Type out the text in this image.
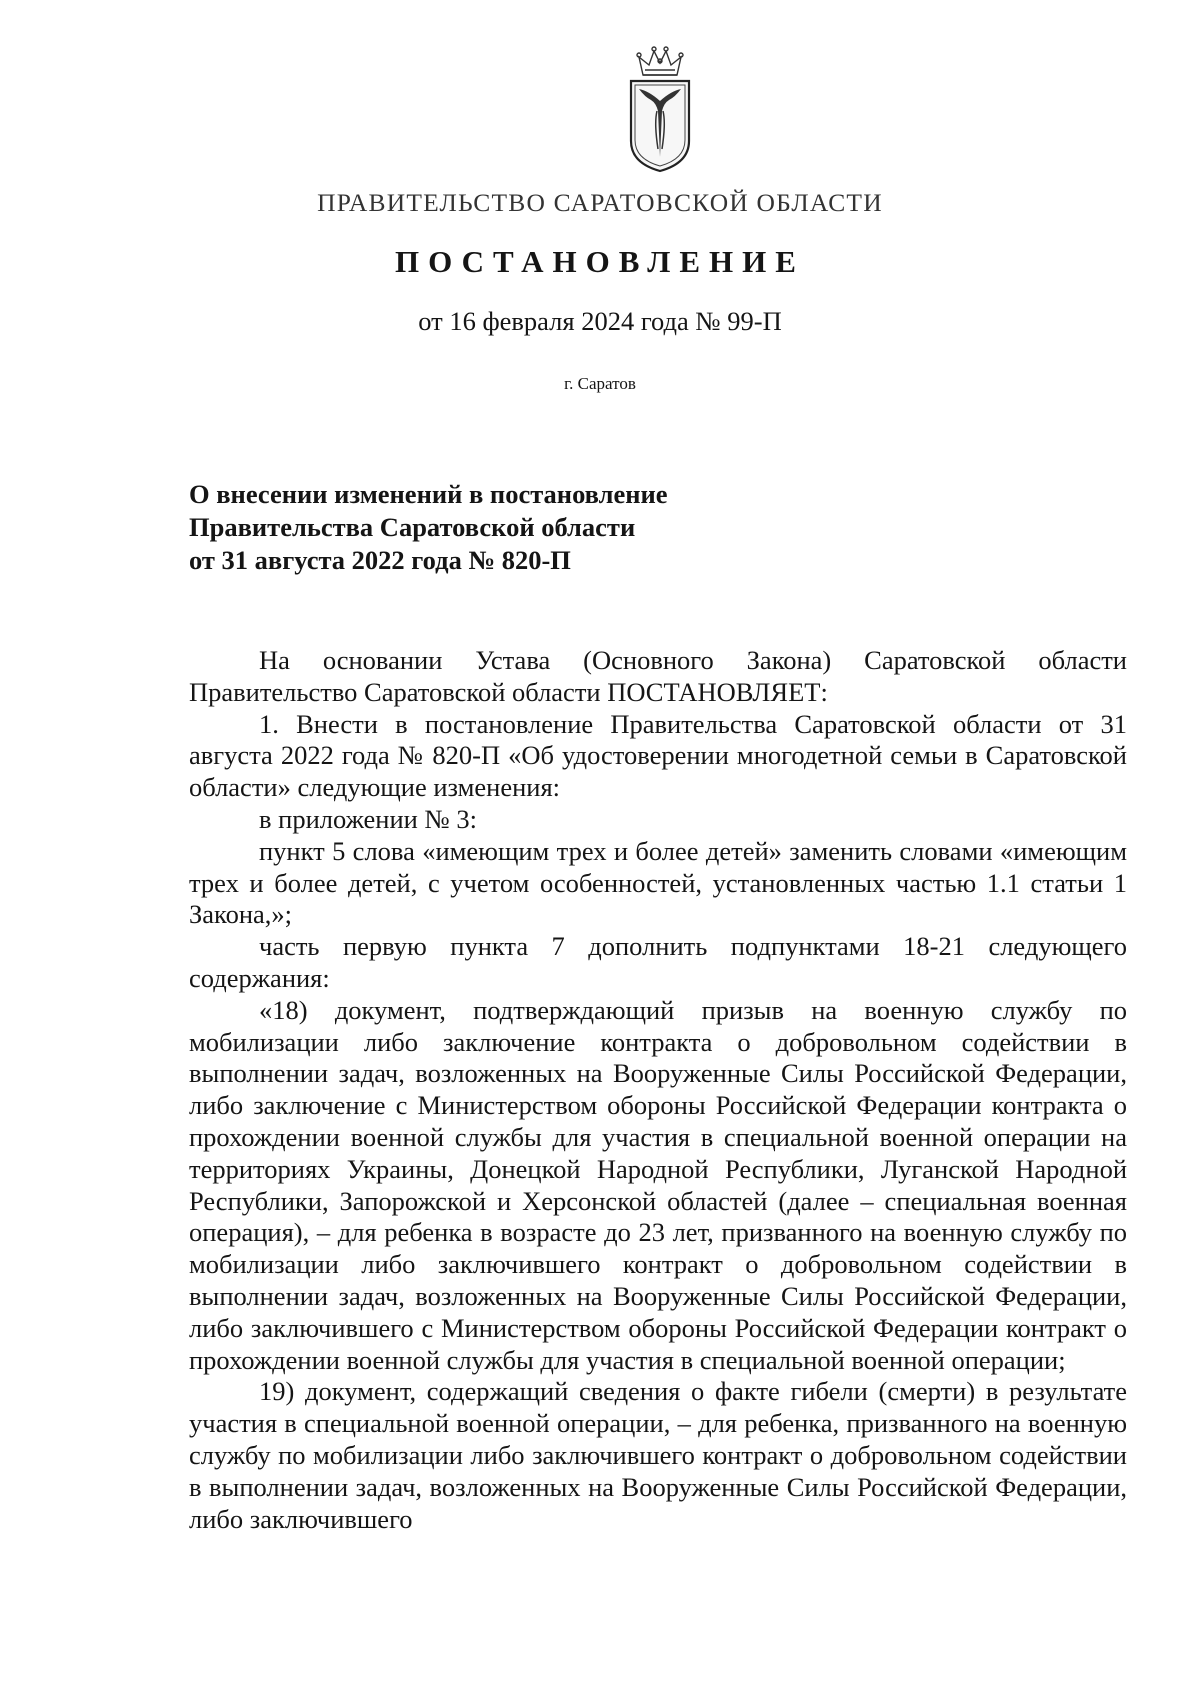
ПРАВИТЕЛЬСТВО САРАТОВСКОЙ ОБЛАСТИ
ПОСТАНОВЛЕНИЕ
от 16 февраля 2024 года № 99-П
г. Саратов
О внесении изменений в постановление
Правительства Саратовской области
от 31 августа 2022 года № 820-П

На основании Устава (Основного Закона) Саратовской области Правительство Саратовской области ПОСТАНОВЛЯЕТ:

1. Внести в постановление Правительства Саратовской области от 31 августа 2022 года № 820-П «Об удостоверении многодетной семьи в Саратовской области» следующие изменения:

в приложении № 3:

пункт 5 слова «имеющим трех и более детей» заменить словами «имеющим трех и более детей, с учетом особенностей, установленных частью 1.1 статьи 1 Закона,»;

часть первую пункта 7 дополнить подпунктами 18-21 следующего содержания:

«18) документ, подтверждающий призыв на военную службу по мобилизации либо заключение контракта о добровольном содействии в выполнении задач, возложенных на Вооруженные Силы Российской Федерации, либо заключение с Министерством обороны Российской Федерации контракта о прохождении военной службы для участия в специальной военной операции на территориях Украины, Донецкой Народной Республики, Луганской Народной Республики, Запорожской и Херсонской областей (далее – специальная военная операция), – для ребенка в возрасте до 23 лет, призванного на военную службу по мобилизации либо заключившего контракт о добровольном содействии в выполнении задач, возложенных на Вооруженные Силы Российской Федерации, либо заключившего с Министерством обороны Российской Федерации контракт о прохождении военной службы для участия в специальной военной операции;

19) документ, содержащий сведения о факте гибели (смерти) в результате участия в специальной военной операции, – для ребенка, призванного на военную службу по мобилизации либо заключившего контракт о добровольном содействии в выполнении задач, возложенных на Вооруженные Силы Российской Федерации, либо заключившего
